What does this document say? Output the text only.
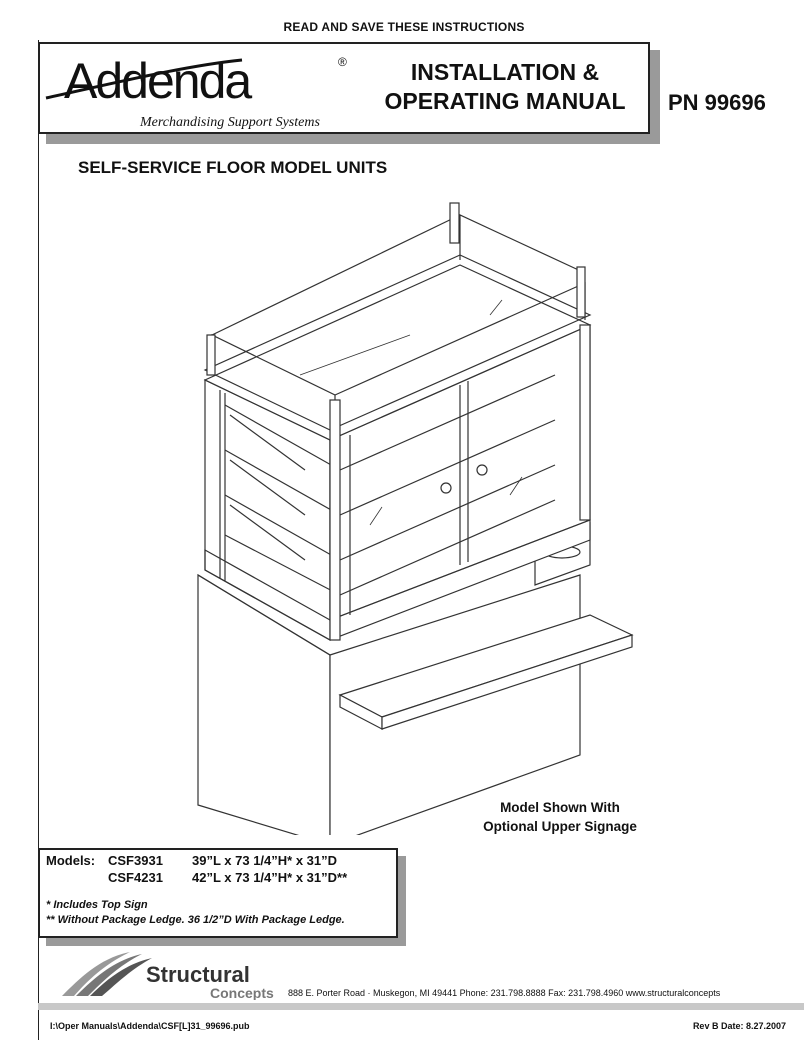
READ AND SAVE THESE INSTRUCTIONS
Addenda	®
Merchandising Support Systems
INSTALLATION &
OPERATING MANUAL	PN 99696
SELF-SERVICE FLOOR MODEL UNITS
Model Shown With
Optional Upper Signage
Models: CSF3931 39”L x 73 1/4”H* x 31”D
CSF4231 42”L x 73 1/4”H* x 31”D**
* Includes Top Sign
** Without Package Ledge. 36 1/2”D With Package Ledge.
Structural
Concepts 888 E. Porter Road · Muskegon, MI 49441 Phone: 231.798.8888 Fax: 231.798.4960 www.structuralconcepts
I:\Oper Manuals\Addenda\CSF[L]31_99696.pub	Rev B Date: 8.27.2007
